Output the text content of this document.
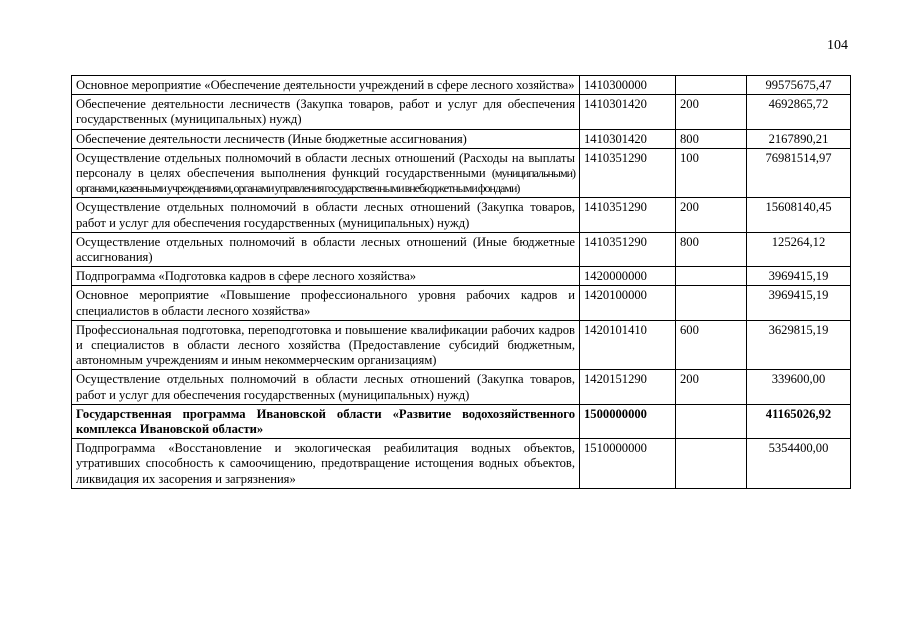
104
Основное мероприятие «Обеспечение деятельности учреждений в сфере лесного хозяйства»	1410300000		99575675,47
Обеспечение деятельности лесничеств (Закупка товаров, работ и услуг для обеспечения государственных (муниципальных) нужд)	1410301420	200	4692865,72
Обеспечение деятельности лесничеств (Иные бюджетные ассигнования)	1410301420	800	2167890,21
Осуществление отдельных полномочий в области лесных отношений (Расходы на выплаты персоналу в целях обеспечения выполнения функций государственными (муниципальными) органами, казенными учреждениями, органами управления государственными внебюджетными фондами)	1410351290	100	76981514,97
Осуществление отдельных полномочий в области лесных отношений (Закупка товаров, работ и услуг для обеспечения государственных (муниципальных) нужд)	1410351290	200	15608140,45
Осуществление отдельных полномочий в области лесных отношений (Иные бюджетные ассигнования)	1410351290	800	125264,12
Подпрограмма «Подготовка кадров в сфере лесного хозяйства»	1420000000		3969415,19
Основное мероприятие «Повышение профессионального уровня рабочих кадров и специалистов в области лесного хозяйства»	1420100000		3969415,19
Профессиональная подготовка, переподготовка и повышение квалификации рабочих кадров и специалистов в области лесного хозяйства (Предоставление субсидий бюджетным, автономным учреждениям и иным некоммерческим организациям)	1420101410	600	3629815,19
Осуществление отдельных полномочий в области лесных отношений (Закупка товаров, работ и услуг для обеспечения государственных (муниципальных) нужд)	1420151290	200	339600,00
Государственная программа Ивановской области «Развитие водохозяйственного комплекса Ивановской области»	1500000000		41165026,92
Подпрограмма «Восстановление и экологическая реабилитация водных объектов, утративших способность к самоочищению, предотвращение истощения водных объектов, ликвидация их засорения и загрязнения»	1510000000		5354400,00
